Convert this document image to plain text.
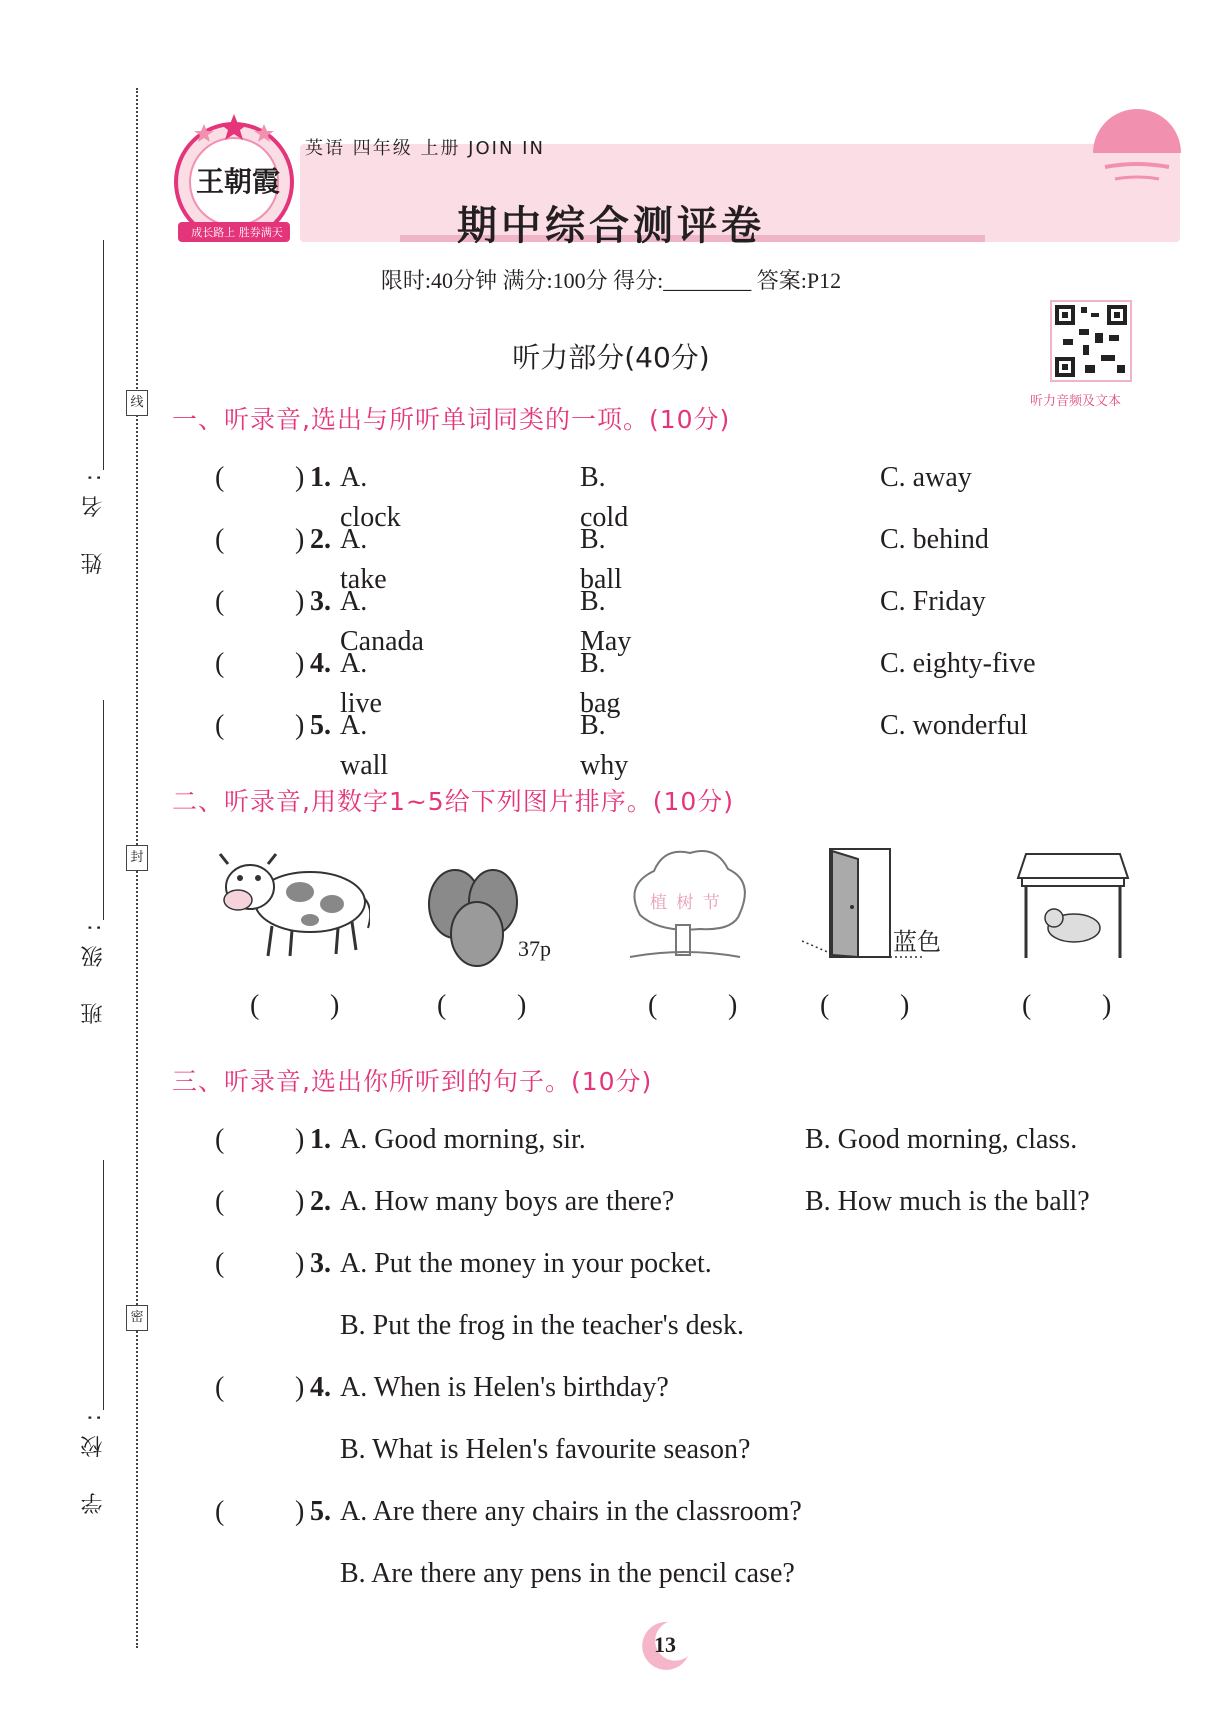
线
封
密
姓 名:
班 级:
学 校:
王朝霞
成长路上 胜券满天
英语 四年级 上册 JOIN IN
期中综合测评卷
限时:40分钟 满分:100分 得分:________ 答案:P12
听力音频及文本
听力部分(40分)
一、听录音,选出与所听单词同类的一项。(10分)
(	) 1. A. clock
B. cold
C. away
(	) 2. A. take
B. ball
C. behind
(	) 3. A. Canada
B. May
C. Friday
(	) 4. A. live
B. bag
C. eighty-five
(	) 5. A. wall
B. why
C. wonderful
二、听录音,用数字1~5给下列图片排序。(10分)
37p
植 树 节
蓝色
(	)	(	)	(	)	(	)	(	)
三、听录音,选出你所听到的句子。(10分)
(	) 1. A. Good morning, sir.	B. Good morning, class.
(	) 2. A. How many boys are there?	B. How much is the ball?
(	) 3. A. Put the money in your pocket.
B. Put the frog in the teacher's desk.
(	) 4. A. When is Helen's birthday?
B. What is Helen's favourite season?
(	) 5. A. Are there any chairs in the classroom?
B. Are there any pens in the pencil case?
13
